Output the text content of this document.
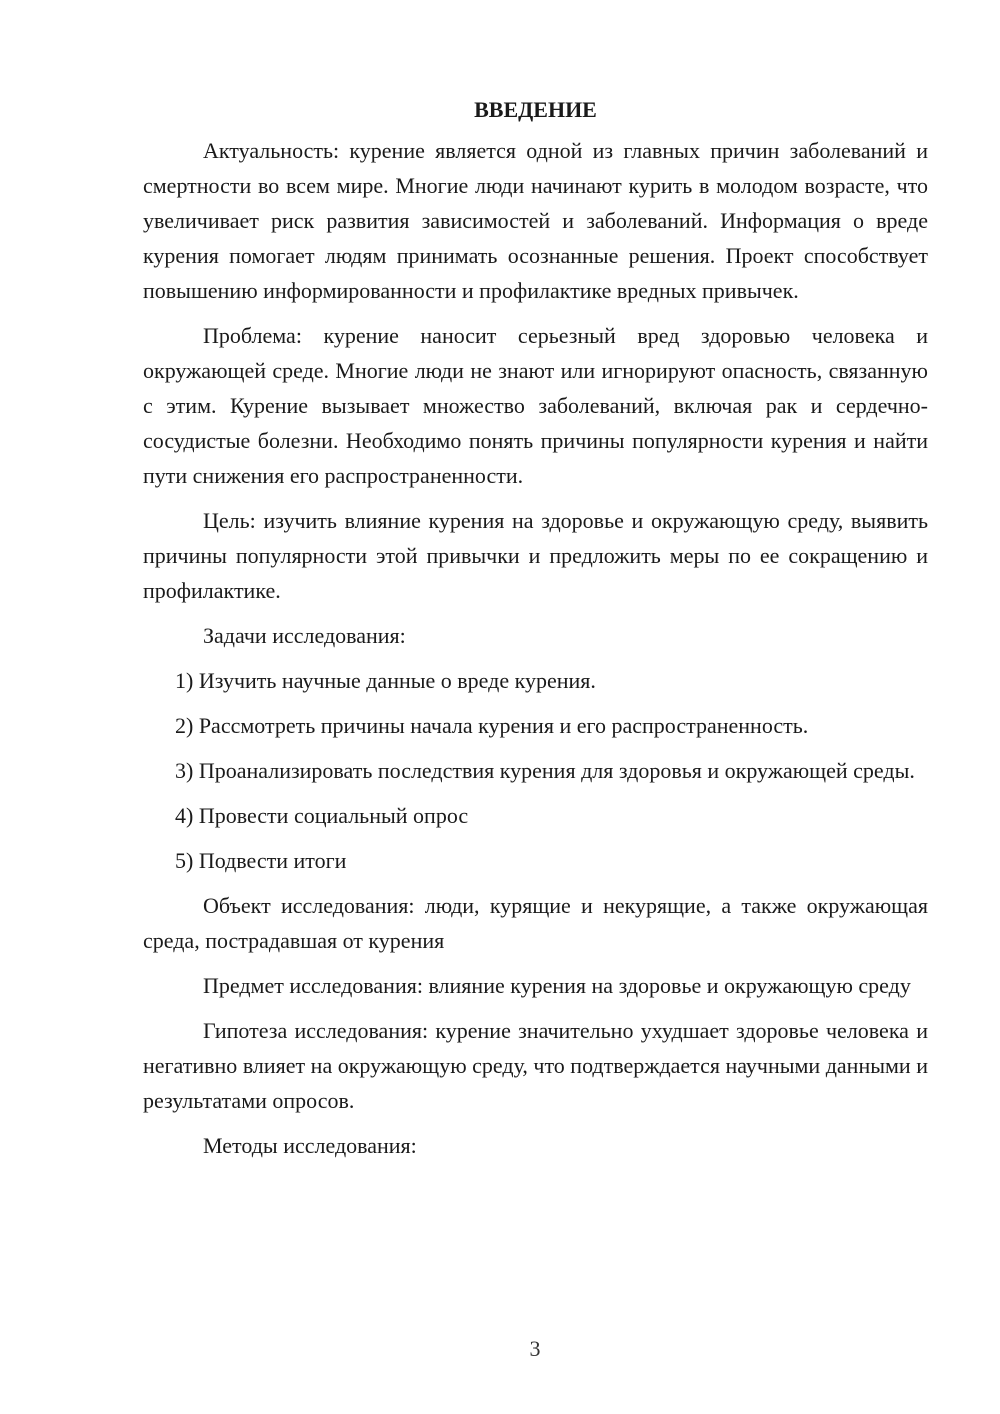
ВВЕДЕНИЕ

Актуальность: курение является одной из главных причин заболеваний и смертности во всем мире. Многие люди начинают курить в молодом возрасте, что увеличивает риск развития зависимостей и заболеваний. Информация о вреде курения помогает людям принимать осознанные решения. Проект способствует повышению информированности и профилактике вредных привычек.

Проблема: курение наносит серьезный вред здоровью человека и окружающей среде. Многие люди не знают или игнорируют опасность, связанную с этим. Курение вызывает множество заболеваний, включая рак и сердечно-сосудистые болезни. Необходимо понять причины популярности курения и найти пути снижения его распространенности.

Цель: изучить влияние курения на здоровье и окружающую среду, выявить причины популярности этой привычки и предложить меры по ее сокращению и профилактике.

Задачи исследования:

1) Изучить научные данные о вреде курения.

2) Рассмотреть причины начала курения и его распространенность.

3) Проанализировать последствия курения для здоровья и окружающей среды.

4) Провести социальный опрос

5) Подвести итоги

Объект исследования: люди, курящие и некурящие, а также окружающая среда, пострадавшая от курения

Предмет исследования: влияние курения на здоровье и окружающую среду

Гипотеза исследования: курение значительно ухудшает здоровье человека и негативно влияет на окружающую среду, что подтверждается научными данными и результатами опросов.

Методы исследования:

3
